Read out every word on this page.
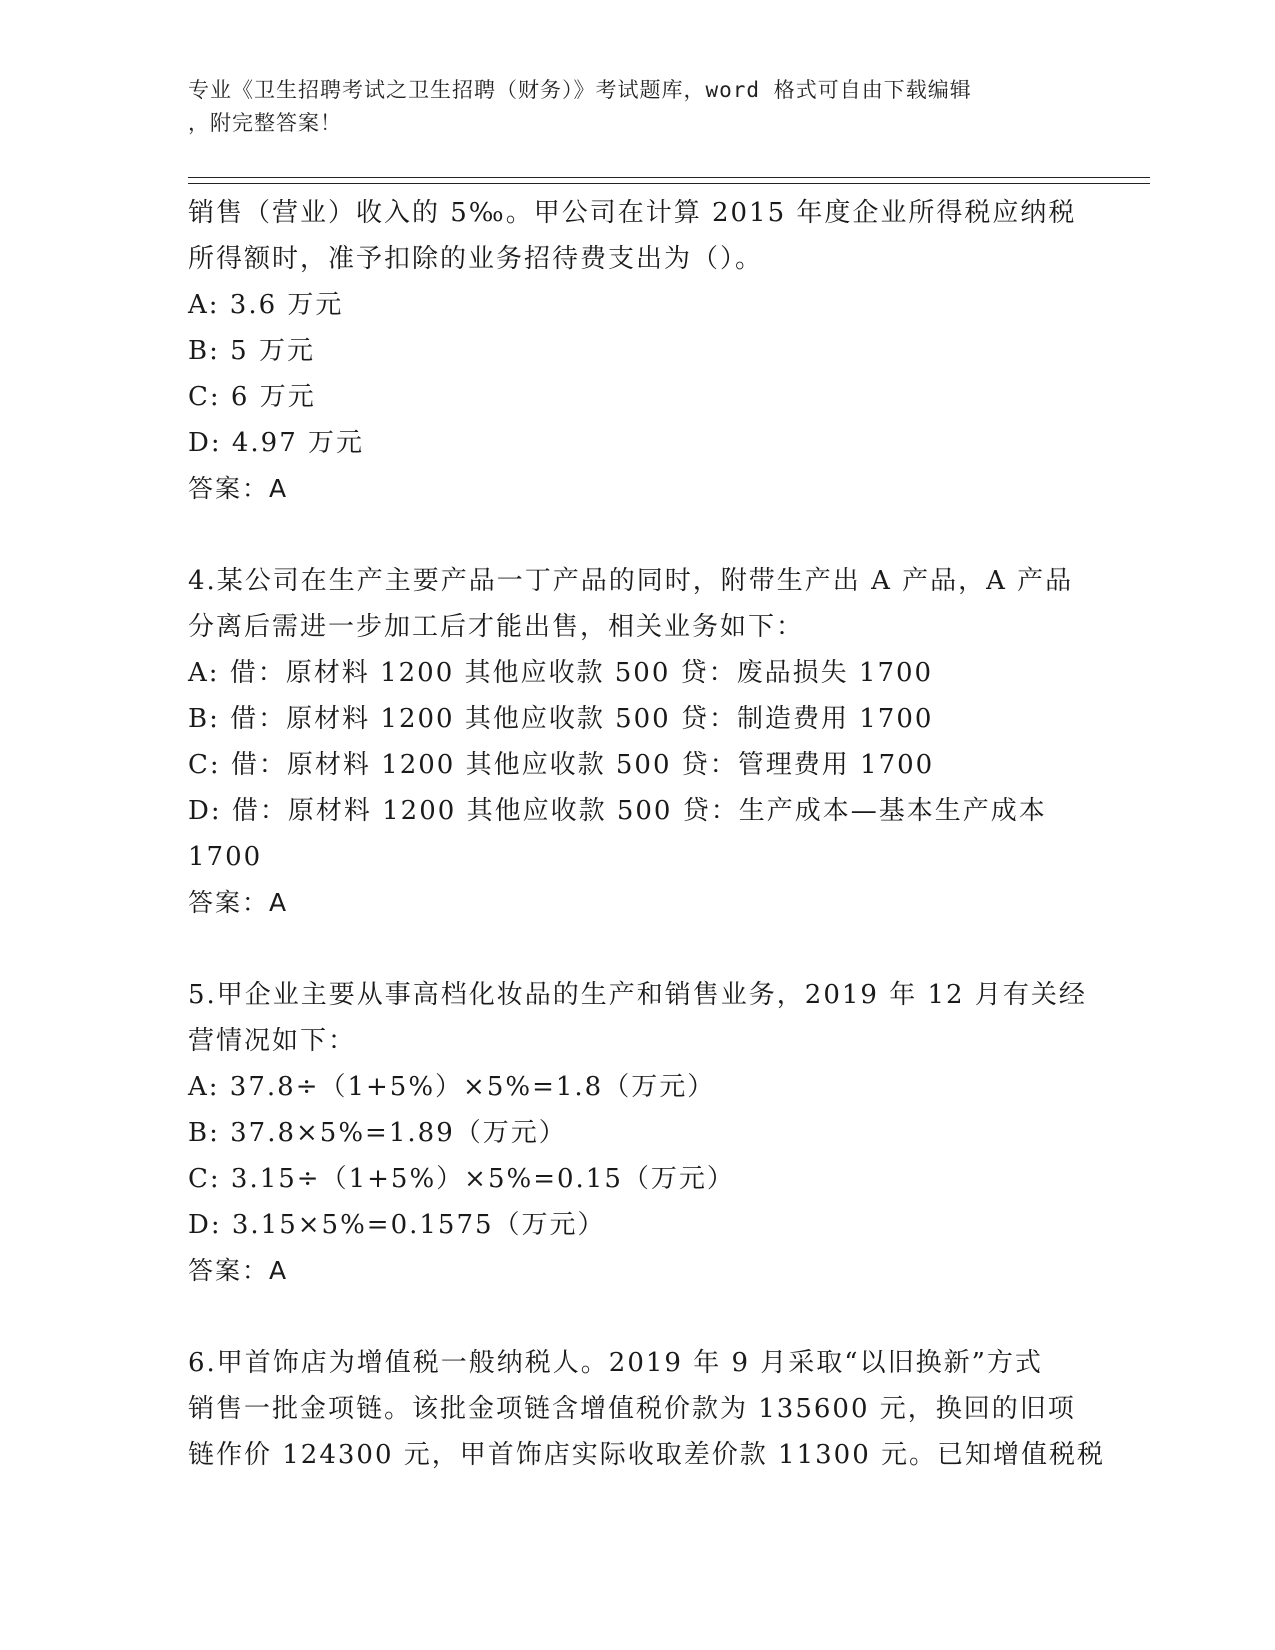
专业《卫生招聘考试之卫生招聘（财务）》考试题库，word 格式可自由下载编辑
，附完整答案！
销售（营业）收入的 5‰。甲公司在计算 2015 年度企业所得税应纳税
所得额时，准予扣除的业务招待费支出为（）。
A: 3.6 万元
B: 5 万元
C: 6 万元
D: 4.97 万元
答案：A
4.某公司在生产主要产品一丁产品的同时，附带生产出 A 产品，A 产品
分离后需进一步加工后才能出售，相关业务如下：
A: 借：原材料 1200 其他应收款 500 贷：废品损失 1700
B: 借：原材料 1200 其他应收款 500 贷：制造费用 1700
C: 借：原材料 1200 其他应收款 500 贷：管理费用 1700
D: 借：原材料 1200 其他应收款 500 贷：生产成本—基本生产成本
1700
答案：A
5.甲企业主要从事高档化妆品的生产和销售业务，2019 年 12 月有关经
营情况如下：
A: 37.8÷（1+5%）×5%=1.8（万元）
B: 37.8×5%=1.89（万元）
C: 3.15÷（1+5%）×5%=0.15（万元）
D: 3.15×5%=0.1575（万元）
答案：A
6.甲首饰店为增值税一般纳税人。2019 年 9 月采取“以旧换新”方式
销售一批金项链。该批金项链含增值税价款为 135600 元，换回的旧项
链作价 124300 元，甲首饰店实际收取差价款 11300 元。已知增值税税
